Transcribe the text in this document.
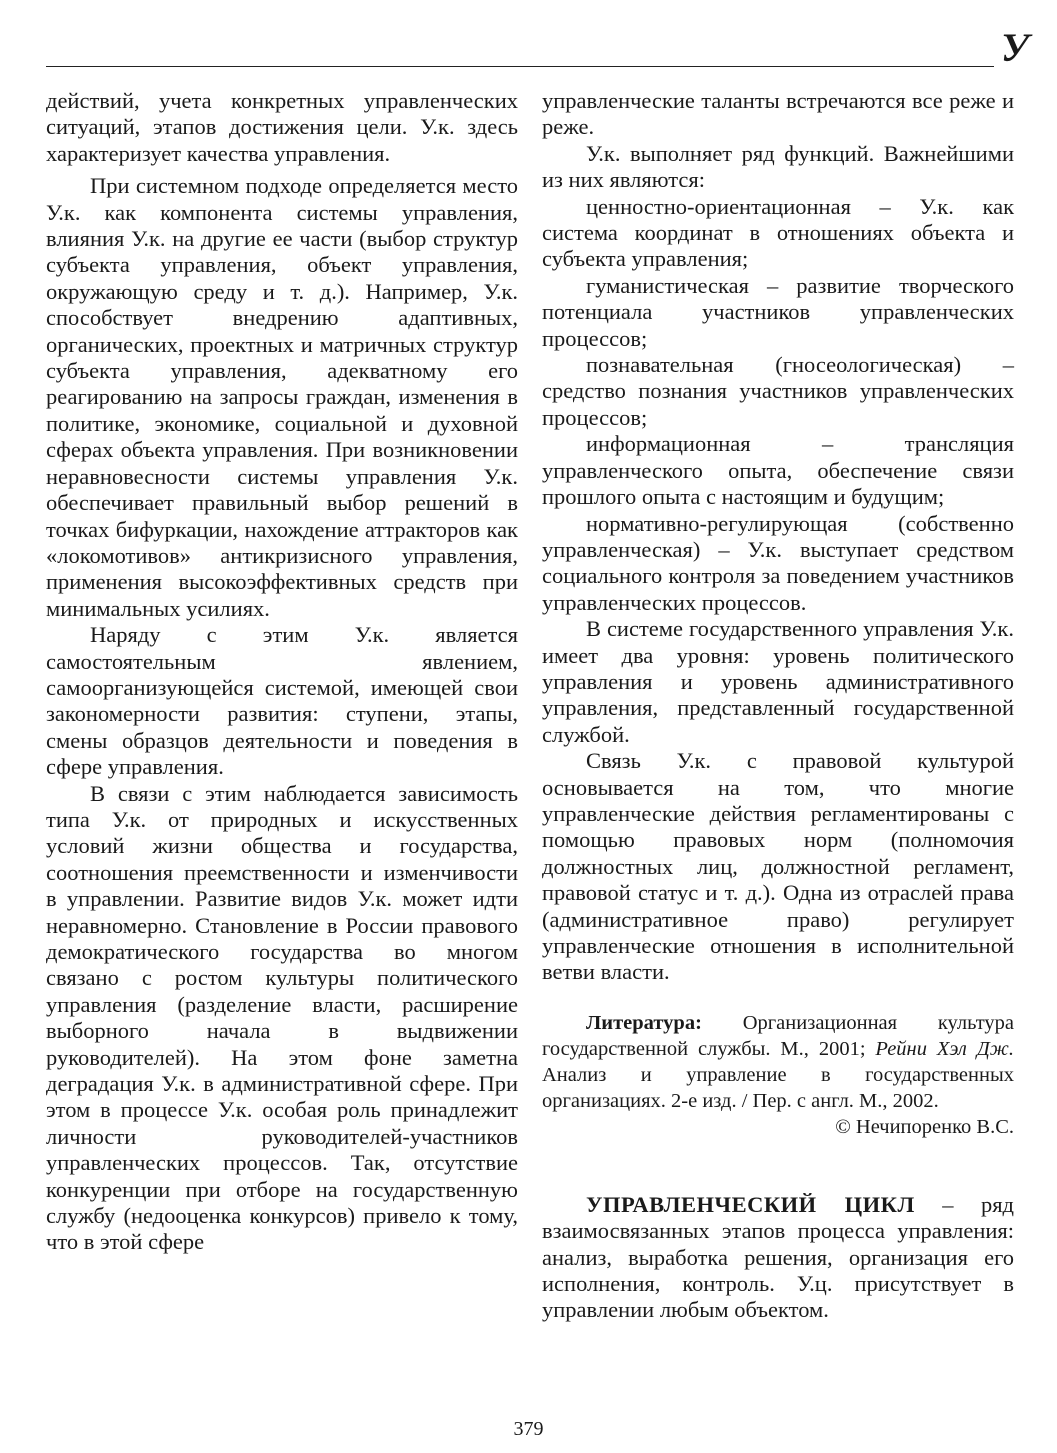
У

действий, учета конкретных управленческих ситуаций, этапов достижения цели. У.к. здесь характеризует качества управления.

При системном подходе определяется место У.к. как компонента системы управления, влияния У.к. на другие ее части (выбор структур субъекта управления, объект управления, окружающую среду и т. д.). Например, У.к. способствует внедрению адаптивных, органических, проектных и матричных структур субъекта управления, адекватному его реагированию на запросы граждан, изменения в политике, экономике, социальной и духовной сферах объекта управления. При возникновении неравновесности системы управления У.к. обеспечивает правильный выбор решений в точках бифуркации, нахождение аттракторов как «локомотивов» антикризисного управления, применения высокоэффективных средств при минимальных усилиях.

Наряду с этим У.к. является самостоятельным явлением, самоорганизующейся системой, имеющей свои закономерности развития: ступени, этапы, смены образцов деятельности и поведения в сфере управления.

В связи с этим наблюдается зависимость типа У.к. от природных и искусственных условий жизни общества и государства, соотношения преемственности и изменчивости в управлении. Развитие видов У.к. может идти неравномерно. Становление в России правового демократического государства во многом связано с ростом культуры политического управления (разделение власти, расширение выборного начала в выдвижении руководителей). На этом фоне заметна деградация У.к. в административной сфере. При этом в процессе У.к. особая роль принадлежит личности руководителей-участников управленческих процессов. Так, отсутствие конкуренции при отборе на государственную службу (недооценка конкурсов) привело к тому, что в этой сфере

управленческие таланты встречаются все реже и реже.

У.к. выполняет ряд функций. Важнейшими из них являются:

ценностно-ориентационная – У.к. как система координат в отношениях объекта и субъекта управления;

гуманистическая – развитие творческого потенциала участников управленческих процессов;

познавательная (гносеологическая) – средство познания участников управленческих процессов;

информационная – трансляция управленческого опыта, обеспечение связи прошлого опыта с настоящим и будущим;

нормативно-регулирующая (собственно управленческая) – У.к. выступает средством социального контроля за поведением участников управленческих процессов.

В системе государственного управления У.к. имеет два уровня: уровень политического управления и уровень административного управления, представленный государственной службой.

Связь У.к. с правовой культурой основывается на том, что многие управленческие действия регламентированы с помощью правовых норм (полномочия должностных лиц, должностной регламент, правовой статус и т. д.). Одна из отраслей права (административное право) регулирует управленческие отношения в исполнительной ветви власти.

Литература: Организационная культура государственной службы. М., 2001; Рейни Хэл Дж. Анализ и управление в государственных организациях. 2-е изд. / Пер. с англ. М., 2002.

© Нечипоренко В.С.

УПРАВЛЕНЧЕСКИЙ ЦИКЛ – ряд взаимосвязанных этапов процесса управления: анализ, выработка решения, организация его исполнения, контроль. У.ц. присутствует в управлении любым объектом.

379
